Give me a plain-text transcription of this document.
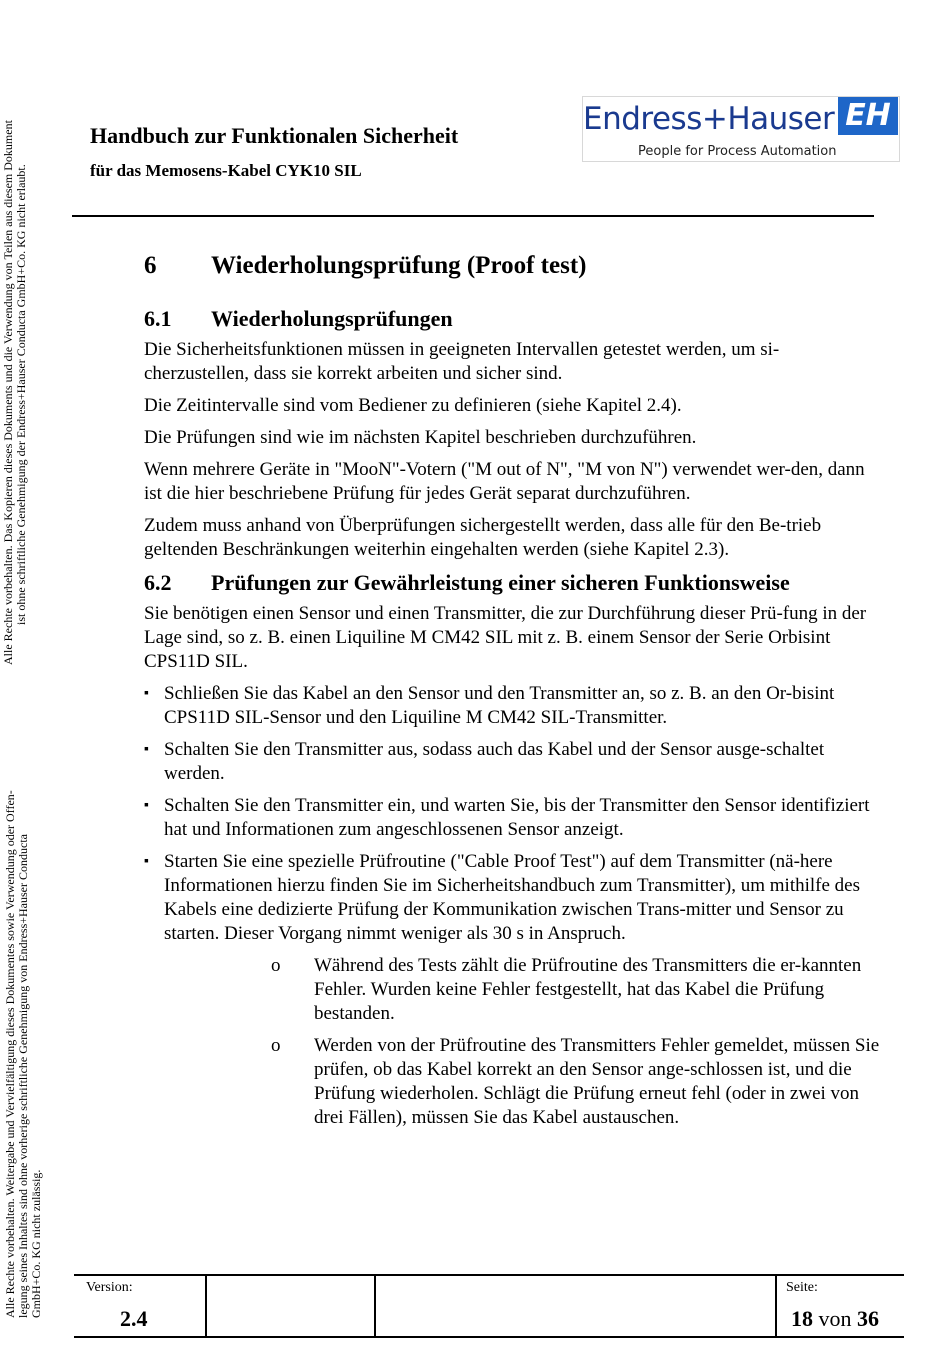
Alle Rechte vorbehalten. Weitergabe und Vervielfältigung dieses Dokumentes sowie Verwendung oder Offen- legung seines Inhaltes sind ohne vorherige schriftliche Genehmigung von Endress+Hauser Conducta GmbH+Co. KG nicht zulässig.
Alle Rechte vorbehalten. Das Kopieren dieses Dokuments und die Verwendung von Teilen aus diesem Dokument ist ohne schriftliche Genehmigung der Endress+Hauser Conducta GmbH+Co. KG nicht erlaubt.
Handbuch zur Funktionalen Sicherheit
für das Memosens-Kabel CYK10 SIL
Endress+Hauser EH
People for Process Automation
6	Wiederholungsprüfung (Proof test)
6.1	Wiederholungsprüfungen

Die Sicherheitsfunktionen müssen in geeigneten Intervallen getestet werden, um si-cherzustellen, dass sie korrekt arbeiten und sicher sind.

Die Zeitintervalle sind vom Bediener zu definieren (siehe Kapitel 2.4).

Die Prüfungen sind wie im nächsten Kapitel beschrieben durchzuführen.

Wenn mehrere Geräte in "MooN"-Votern ("M out of N", "M von N") verwendet wer-den, dann ist die hier beschriebene Prüfung für jedes Gerät separat durchzuführen.

Zudem muss anhand von Überprüfungen sichergestellt werden, dass alle für den Be-trieb geltenden Beschränkungen weiterhin eingehalten werden (siehe Kapitel 2.3).

6.2	Prüfungen zur Gewährleistung einer sicheren Funktionsweise

Sie benötigen einen Sensor und einen Transmitter, die zur Durchführung dieser Prü-fung in der Lage sind, so z. B. einen Liquiline M CM42 SIL mit z. B. einem Sensor der Serie Orbisint CPS11D SIL.

▪ Schließen Sie das Kabel an den Sensor und den Transmitter an, so z. B. an den Or-bisint CPS11D SIL-Sensor und den Liquiline M CM42 SIL-Transmitter.
▪ Schalten Sie den Transmitter aus, sodass auch das Kabel und der Sensor ausge-schaltet werden.
▪ Schalten Sie den Transmitter ein, und warten Sie, bis der Transmitter den Sensor identifiziert hat und Informationen zum angeschlossenen Sensor anzeigt.
▪ Starten Sie eine spezielle Prüfroutine ("Cable Proof Test") auf dem Transmitter (nä-here Informationen hierzu finden Sie im Sicherheitshandbuch zum Transmitter), um mithilfe des Kabels eine dedizierte Prüfung der Kommunikation zwischen Trans-mitter und Sensor zu starten. Dieser Vorgang nimmt weniger als 30 s in Anspruch.
o Während des Tests zählt die Prüfroutine des Transmitters die er-kannten Fehler. Wurden keine Fehler festgestellt, hat das Kabel die Prüfung bestanden.
o Werden von der Prüfroutine des Transmitters Fehler gemeldet, müssen Sie prüfen, ob das Kabel korrekt an den Sensor ange-schlossen ist, und die Prüfung wiederholen. Schlägt die Prüfung erneut fehl (oder in zwei von drei Fällen), müssen Sie das Kabel austauschen.
Version:
2.4
Seite:
18 von 36
